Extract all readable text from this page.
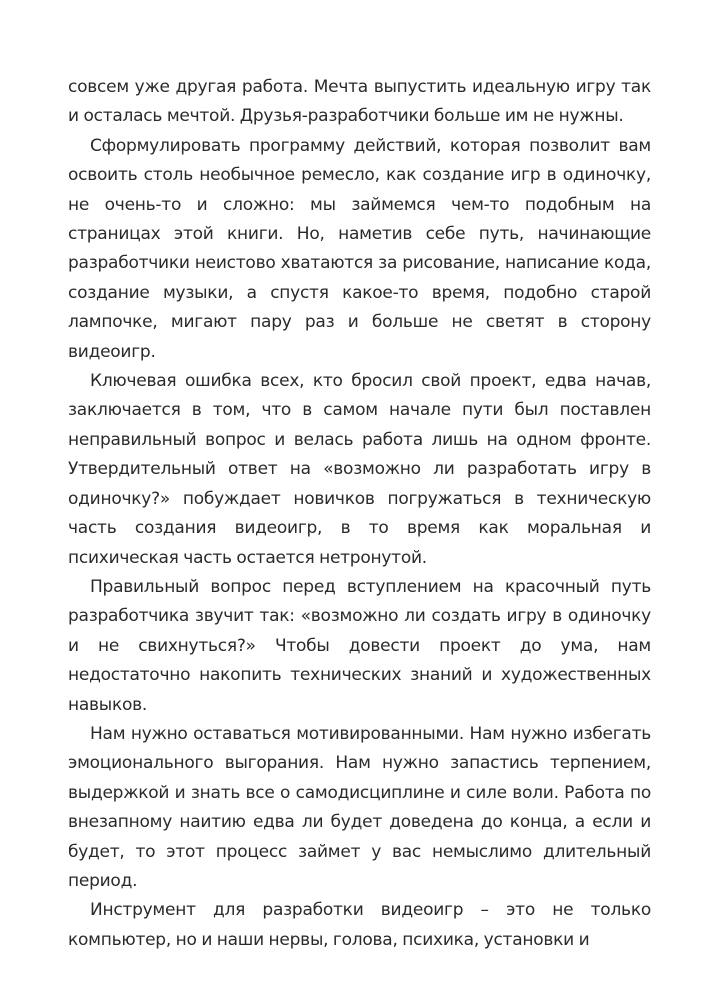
совсем уже другая работа. Мечта выпустить идеальную игру так и осталась мечтой. Друзья-разработчики больше им не нужны.

Сформулировать программу действий, которая позволит вам освоить столь необычное ремесло, как создание игр в одиночку, не очень-то и сложно: мы займемся чем-то подобным на страницах этой книги. Но, наметив себе путь, начинающие разработчики неистово хватаются за рисование, написание кода, создание музыки, а спустя какое-то время, подобно старой лампочке, мигают пару раз и больше не светят в сторону видеоигр.

Ключевая ошибка всех, кто бросил свой проект, едва начав, заключается в том, что в самом начале пути был поставлен неправильный вопрос и велась работа лишь на одном фронте. Утвердительный ответ на «возможно ли разработать игру в одиночку?» побуждает новичков погружаться в техническую часть создания видеоигр, в то время как моральная и психическая часть остается нетронутой.

Правильный вопрос перед вступлением на красочный путь разработчика звучит так: «возможно ли создать игру в одиночку и не свихнуться?» Чтобы довести проект до ума, нам недостаточно накопить технических знаний и художественных навыков.

Нам нужно оставаться мотивированными. Нам нужно избегать эмоционального выгорания. Нам нужно запастись терпением, выдержкой и знать все о самодисциплине и силе воли. Работа по внезапному наитию едва ли будет доведена до конца, а если и будет, то этот процесс займет у вас немыслимо длительный период.

Инструмент для разработки видеоигр – это не только компьютер, но и наши нервы, голова, психика, установки и
